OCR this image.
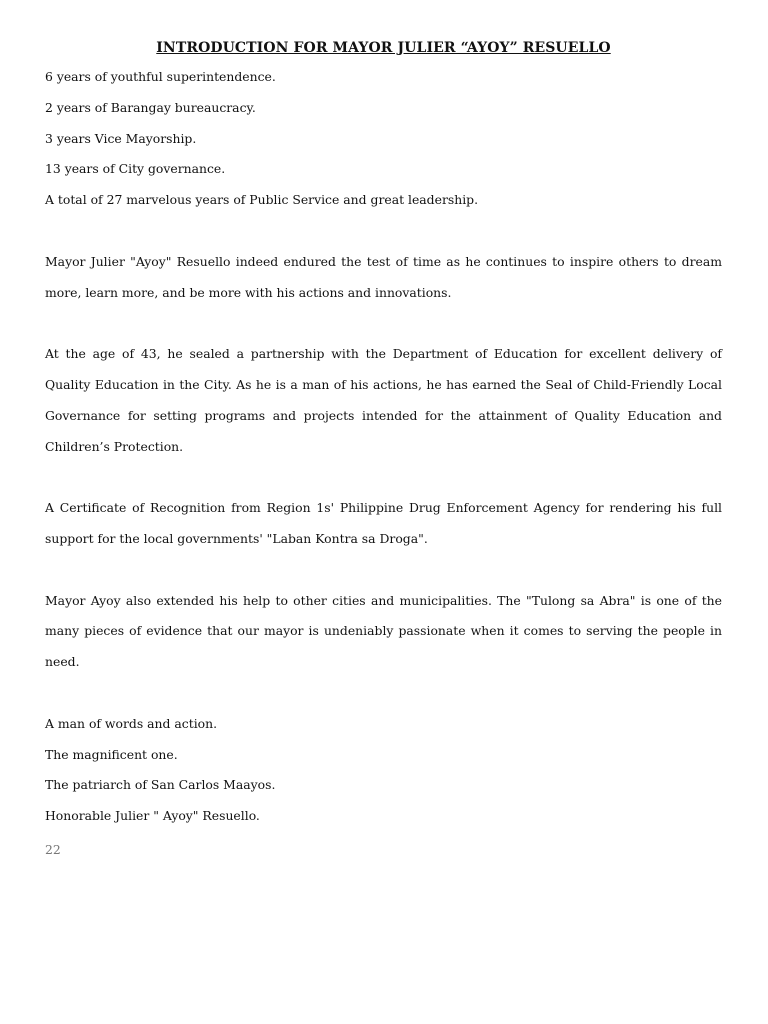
INTRODUCTION FOR MAYOR JULIER “AYOY” RESUELLO

6 years of youthful superintendence.

2 years of Barangay bureaucracy.

3 years Vice Mayorship.

13 years of City governance.

A total of 27 marvelous years of Public Service and great leadership.

Mayor Julier "Ayoy" Resuello indeed endured the test of time as he continues to inspire others to dream more, learn more, and be more with his actions and innovations.

At the age of 43, he sealed a partnership with the Department of Education for excellent delivery of Quality Education in the City. As he is a man of his actions, he has earned the Seal of Child-Friendly Local Governance for setting programs and projects intended for the attainment of Quality Education and Children’s Protection.

A Certificate of Recognition from Region 1s' Philippine Drug Enforcement Agency for rendering his full support for the local governments' "Laban Kontra sa Droga".

Mayor Ayoy also extended his help to other cities and municipalities. The "Tulong sa Abra" is one of the many pieces of evidence that our mayor is undeniably passionate when it comes to serving the people in need.

A man of words and action.

The magnificent one.

The patriarch of San Carlos Maayos.

Honorable Julier " Ayoy" Resuello.

22
